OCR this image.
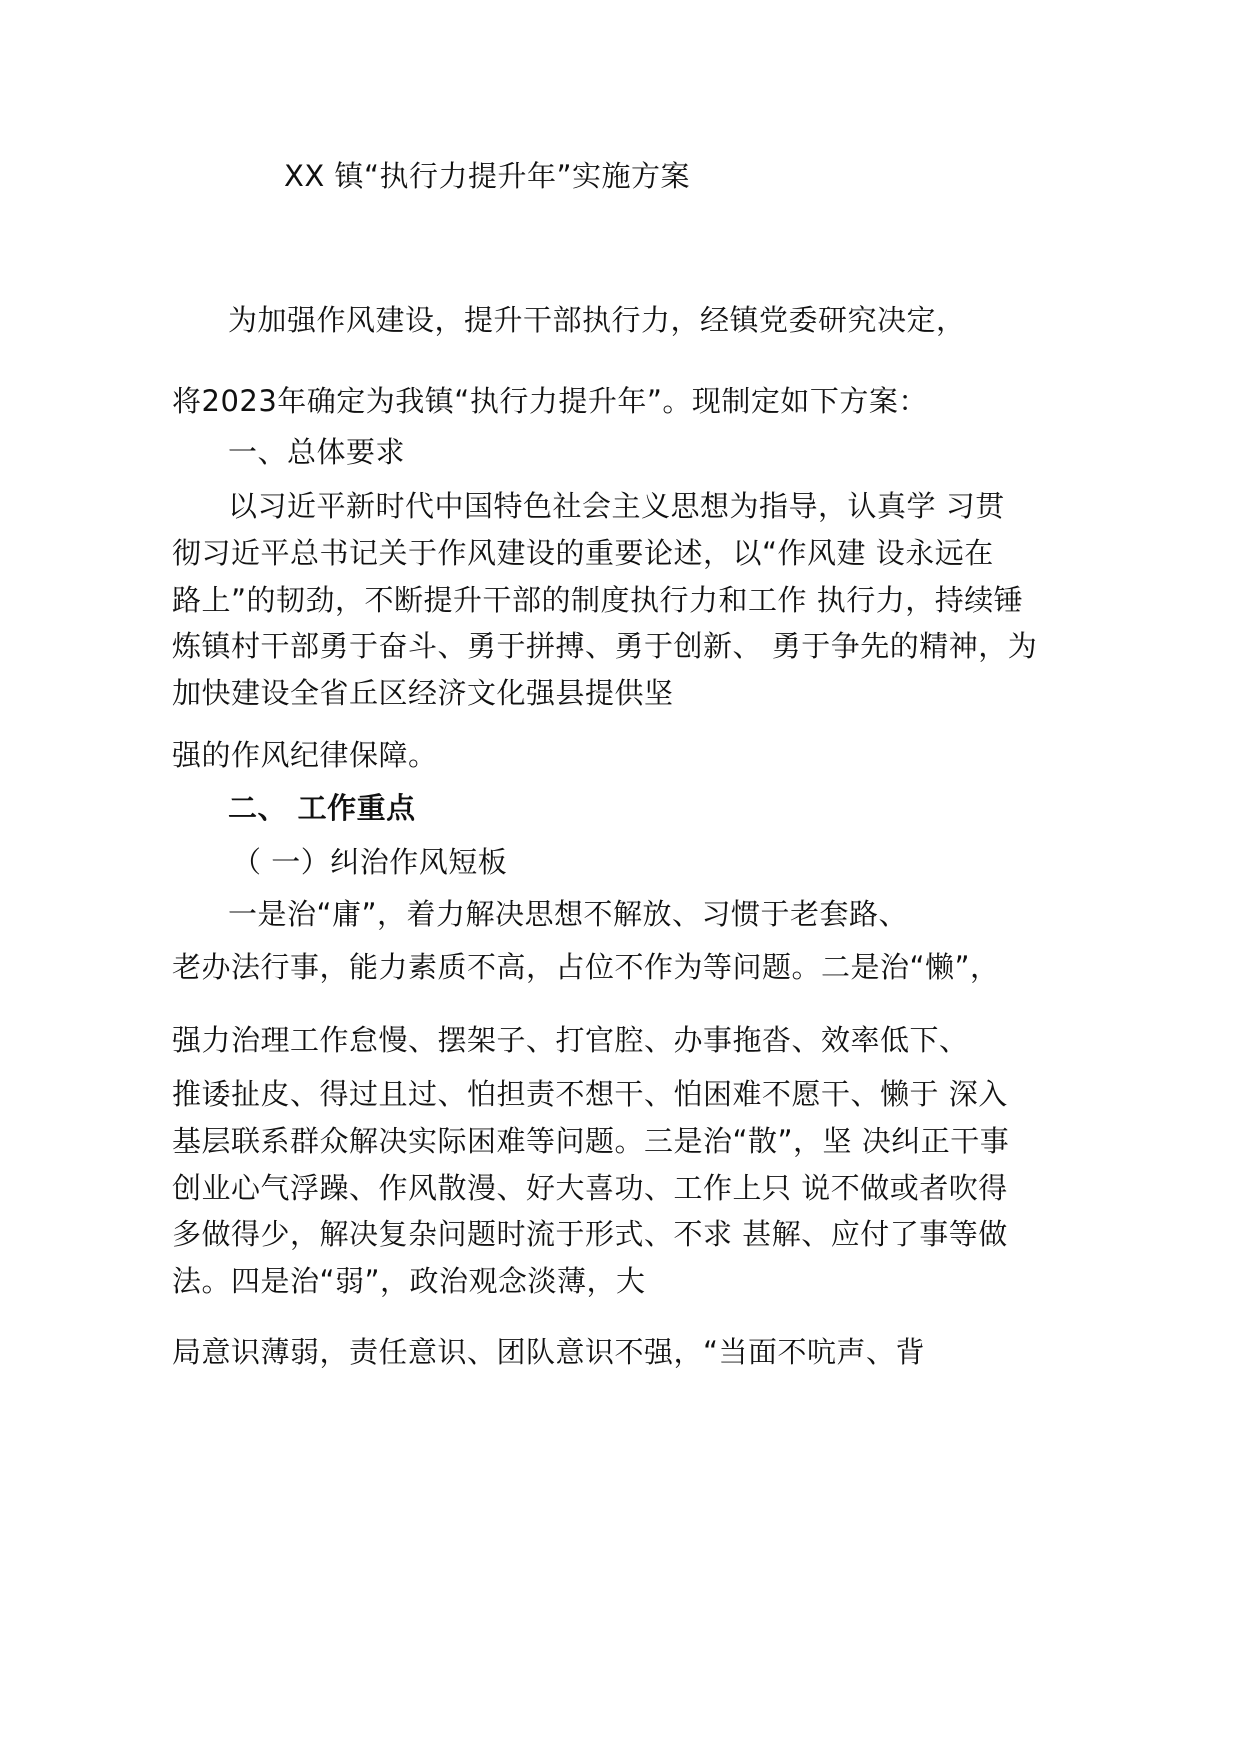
XX 镇“执行力提升年”实施方案
为加强作风建设，提升干部执行力，经镇党委研究决定，
将2023年确定为我镇“执行力提升年”。现制定如下方案：
一、总体要求
以习近平新时代中国特色社会主义思想为指导，认真学 习贯
彻习近平总书记关于作风建设的重要论述，以“作风建 设永远在
路上”的韧劲，不断提升干部的制度执行力和工作 执行力，持续锤
炼镇村干部勇于奋斗、勇于拼搏、勇于创新、 勇于争先的精神，为
加快建设全省丘区经济文化强县提供坚
强的作风纪律保障。
二、 工作重点
（ 一）纠治作风短板
一是治“庸”，着力解决思想不解放、习惯于老套路、
老办法行事，能力素质不高，占位不作为等问题。二是治“懒”，
强力治理工作怠慢、摆架子、打官腔、办事拖沓、效率低下、
推诿扯皮、得过且过、怕担责不想干、怕困难不愿干、懒于 深入
基层联系群众解决实际困难等问题。三是治“散”，坚 决纠正干事
创业心气浮躁、作风散漫、好大喜功、工作上只 说不做或者吹得
多做得少，解决复杂问题时流于形式、不求 甚解、应付了事等做
法。四是治“弱”，政治观念淡薄，大
局意识薄弱，责任意识、团队意识不强，“当面不吭声、背
